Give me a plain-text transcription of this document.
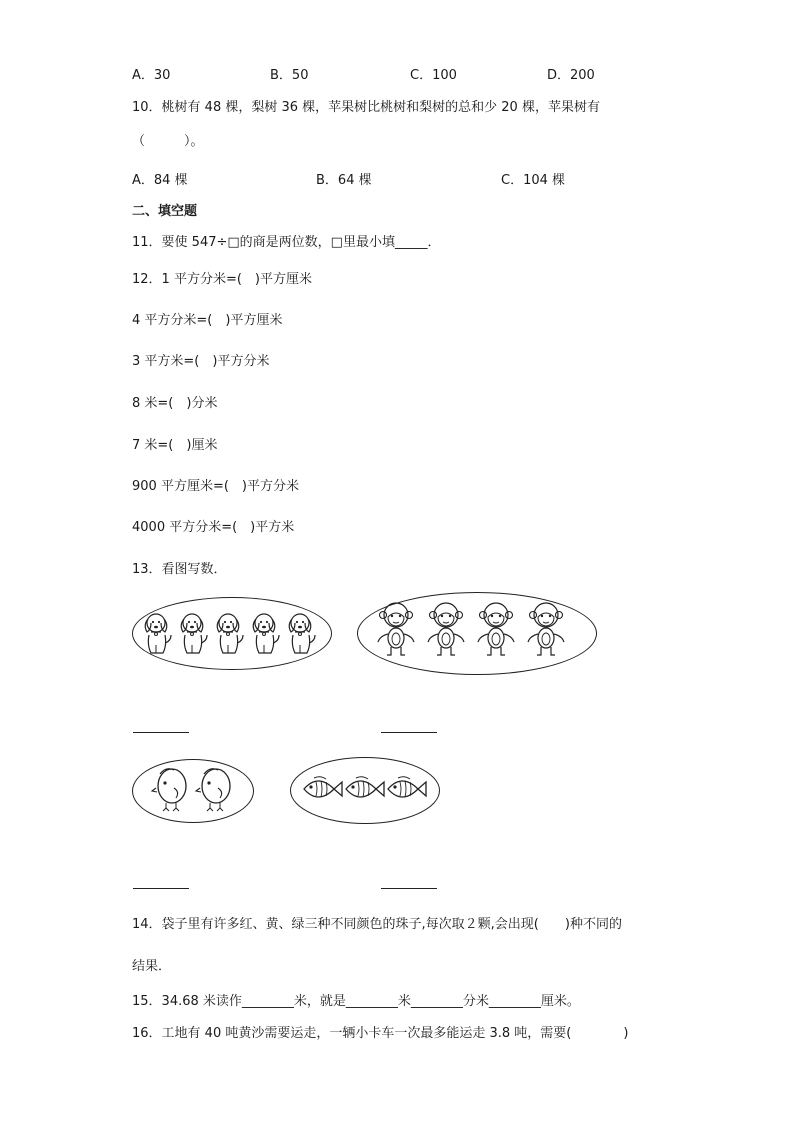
A．30	B．50	C．100	D．200
10．桃树有 48 棵，梨树 36 棵，苹果树比桃树和梨树的总和少 20 棵，苹果树有
（　　　）。
A．84 棵	B．64 棵	C．104 棵
二、填空题
11．要使 547÷□的商是两位数，□里最小填_____．
12．1 平方分米=(　)平方厘米
4 平方分米=(　)平方厘米
3 平方米=(　)平方分米
8 米=(　)分米
7 米=(　)厘米
900 平方厘米=(　)平方分米
4000 平方分米=(　)平方米
13．看图写数．
14．袋子里有许多红、黄、绿三种不同颜色的珠子,每次取２颗,会出现(　　)种不同的
结果．
15．34.68 米读作________米，就是________米________分米________厘米。
16．工地有 40 吨黄沙需要运走，一辆小卡车一次最多能运走 3.8 吨，需要(　　　　)
